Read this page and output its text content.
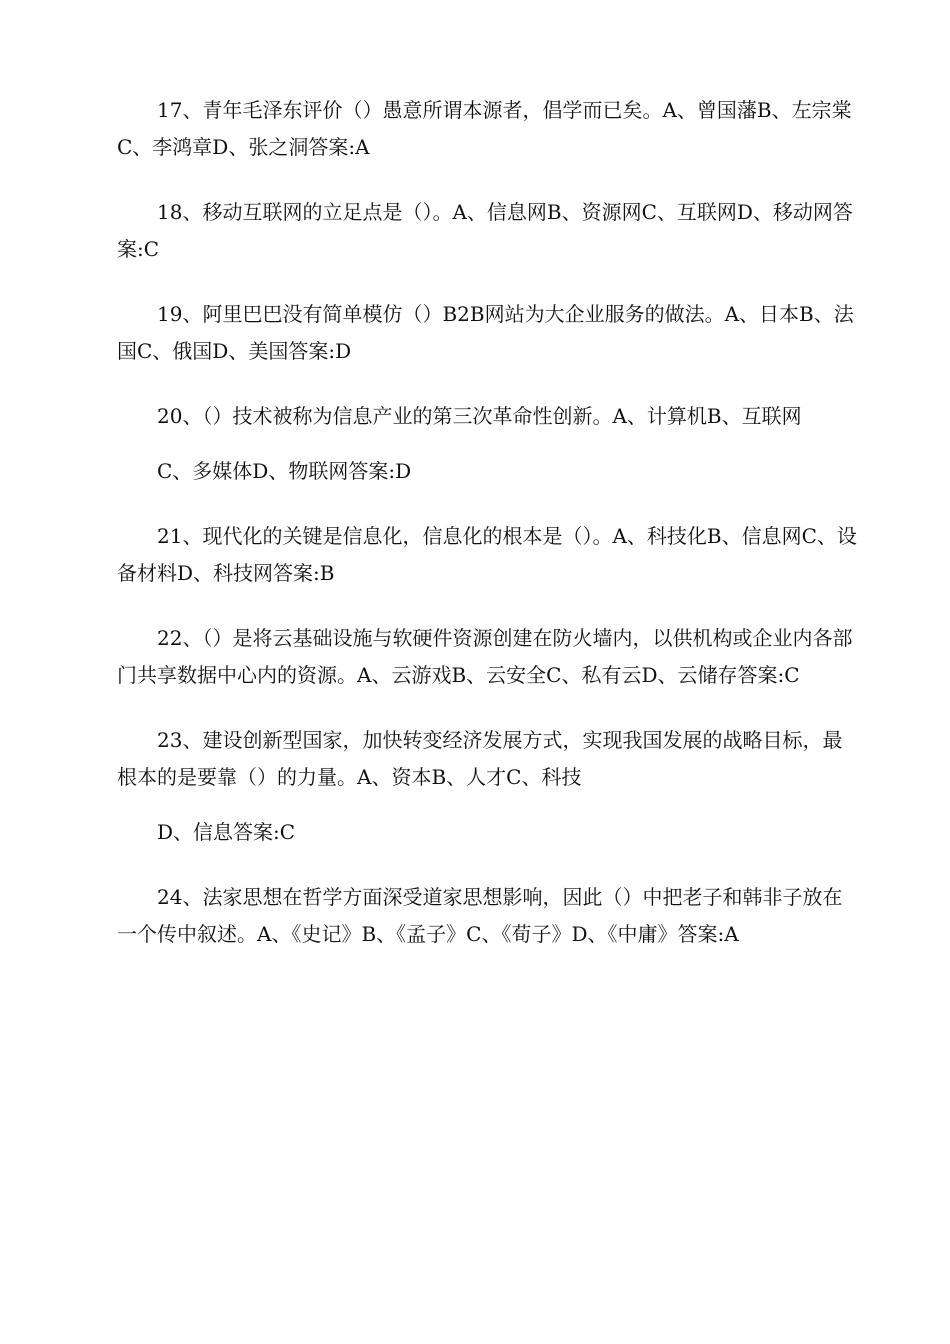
17、青年毛泽东评价（）愚意所谓本源者，倡学而已矣。A、曾国藩B、左宗棠C、李鸿章D、张之洞答案:A

18、移动互联网的立足点是（）。A、信息网B、资源网C、互联网D、移动网答案:C

19、阿里巴巴没有简单模仿（）B2B网站为大企业服务的做法。A、日本B、法国C、俄国D、美国答案:D

20、（）技术被称为信息产业的第三次革命性创新。A、计算机B、互联网

C、多媒体D、物联网答案:D

21、现代化的关键是信息化，信息化的根本是（）。A、科技化B、信息网C、设备材料D、科技网答案:B

22、（）是将云基础设施与软硬件资源创建在防火墙内，以供机构或企业内各部门共享数据中心内的资源。A、云游戏B、云安全C、私有云D、云储存答案:C

23、建设创新型国家，加快转变经济发展方式，实现我国发展的战略目标，最根本的是要靠（）的力量。A、资本B、人才C、科技

D、信息答案:C

24、法家思想在哲学方面深受道家思想影响，因此（）中把老子和韩非子放在一个传中叙述。A、《史记》B、《孟子》C、《荀子》D、《中庸》答案:A
